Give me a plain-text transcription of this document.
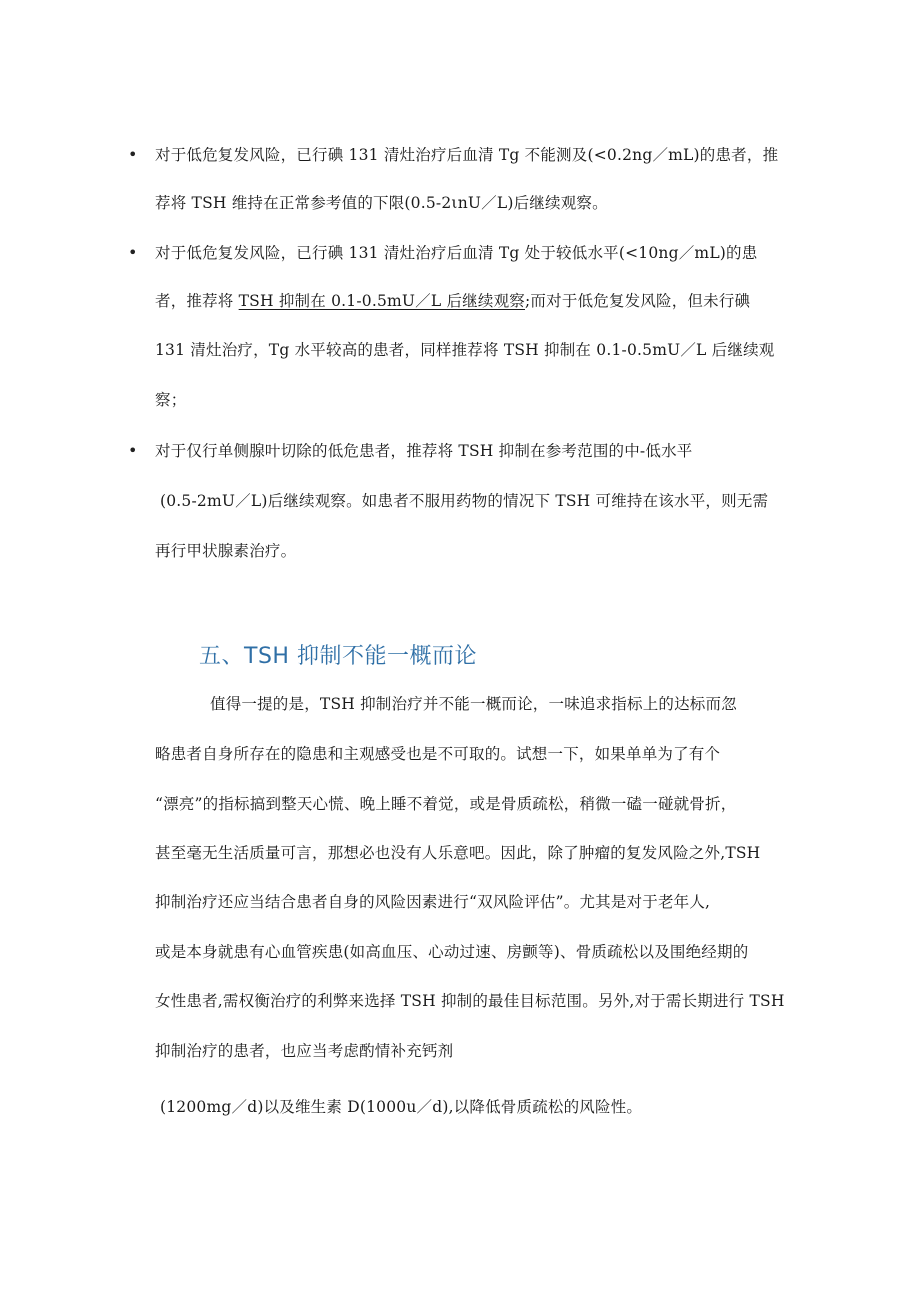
• 对于低危复发风险，已行碘 131 清灶治疗后血清 Tg 不能测及(<0.2ng／mL)的患者，推
荐将 TSH 维持在正常参考值的下限(0.5-2ιnU／L)后继续观察。
• 对于低危复发风险，已行碘 131 清灶治疗后血清 Tg 处于较低水平(<10ng／mL)的患
者，推荐将 TSH 抑制在 0.1-0.5mU／L 后继续观察;而对于低危复发风险，但未行碘
131 清灶治疗，Tg 水平较高的患者，同样推荐将 TSH 抑制在 0.1-0.5mU／L 后继续观
察；
• 对于仅行单侧腺叶切除的低危患者，推荐将 TSH 抑制在参考范围的中-低水平
(0.5-2mU／L)后继续观察。如患者不服用药物的情况下 TSH 可维持在该水平，则无需
再行甲状腺素治疗。
五、TSH 抑制不能一概而论
值得一提的是，TSH 抑制治疗并不能一概而论，一味追求指标上的达标而忽
略患者自身所存在的隐患和主观感受也是不可取的。试想一下，如果单单为了有个
“漂亮”的指标搞到整天心慌、晚上睡不着觉，或是骨质疏松，稍微一磕一碰就骨折，
甚至毫无生活质量可言，那想必也没有人乐意吧。因此，除了肿瘤的复发风险之外,TSH
抑制治疗还应当结合患者自身的风险因素进行“双风险评估”。尤其是对于老年人,
或是本身就患有心血管疾患(如高血压、心动过速、房颤等)、骨质疏松以及围绝经期的
女性患者,需权衡治疗的利弊来选择 TSH 抑制的最佳目标范围。另外,对于需长期进行 TSH
抑制治疗的患者，也应当考虑酌情补充钙剂
(1200mg／d)以及维生素 D(1000u／d),以降低骨质疏松的风险性。
